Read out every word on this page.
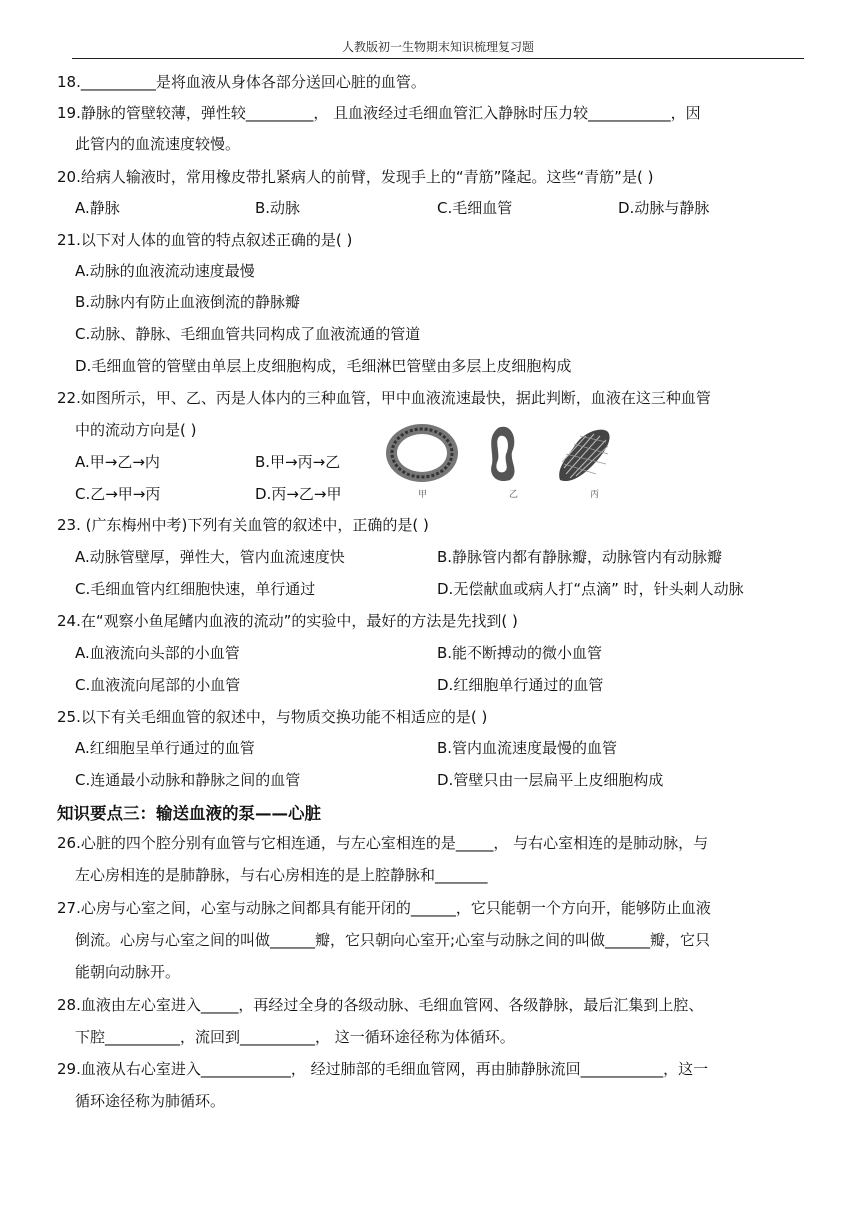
人教版初一生物期末知识梳理复习题
18.__________是将血液从身体各部分送回心脏的血管。
19.静脉的管壁较薄，弹性较_________， 且血液经过毛细血管汇入静脉时压力较___________，因
此管内的血流速度较慢。
20.给病人输液时，常用橡皮带扎紧病人的前臂，发现手上的“青筋”隆起。这些“青筋”是( )
A.静脉	B.动脉	C.毛细血管	D.动脉与静脉
21.以下对人体的血管的特点叙述正确的是( )
A.动脉的血液流动速度最慢
B.动脉内有防止血液倒流的静脉瓣
C.动脉、静脉、毛细血管共同构成了血液流通的管道
D.毛细血管的管壁由单层上皮细胞构成，毛细淋巴管壁由多层上皮细胞构成
22.如图所示，甲、乙、丙是人体内的三种血管，甲中血液流速最快，据此判断，血液在这三种血管
中的流动方向是( )
A.甲→乙→内	B.甲→丙→乙
C.乙→甲→丙	D.丙→乙→甲	甲	乙	丙
23. (广东梅州中考)下列有关血管的叙述中，正确的是( )
A.动脉管壁厚，弹性大，管内血流速度快	B.静脉管内都有静脉瓣，动脉管内有动脉瓣
C.毛细血管内红细胞快速，单行通过	D.无偿献血或病人打“点滴” 时，针头刺人动脉
24.在“观察小鱼尾鳍内血液的流动”的实验中，最好的方法是先找到( )
A.血液流向头部的小血管	B.能不断搏动的微小血管
C.血液流向尾部的小血管	D.红细胞单行通过的血管
25.以下有关毛细血管的叙述中，与物质交换功能不相适应的是( )
A.红细胞呈单行通过的血管	B.管内血流速度最慢的血管
C.连通最小动脉和静脉之间的血管	D.管壁只由一层扁平上皮细胞构成
知识要点三：输送血液的泵——心脏
26.心脏的四个腔分别有血管与它相连通，与左心室相连的是_____， 与右心室相连的是肺动脉，与
左心房相连的是肺静脉，与右心房相连的是上腔静脉和_______
27.心房与心室之间，心室与动脉之间都具有能开闭的______，它只能朝一个方向开，能够防止血液
倒流。心房与心室之间的叫做______瓣，它只朝向心室开;心室与动脉之间的叫做______瓣，它只
能朝向动脉开。
28.血液由左心室进入_____，再经过全身的各级动脉、毛细血管网、各级静脉，最后汇集到上腔、
下腔__________，流回到__________， 这一循环途径称为体循环。
29.血液从右心室进入____________， 经过肺部的毛细血管网，再由肺静脉流回___________，这一
循环途径称为肺循环。
